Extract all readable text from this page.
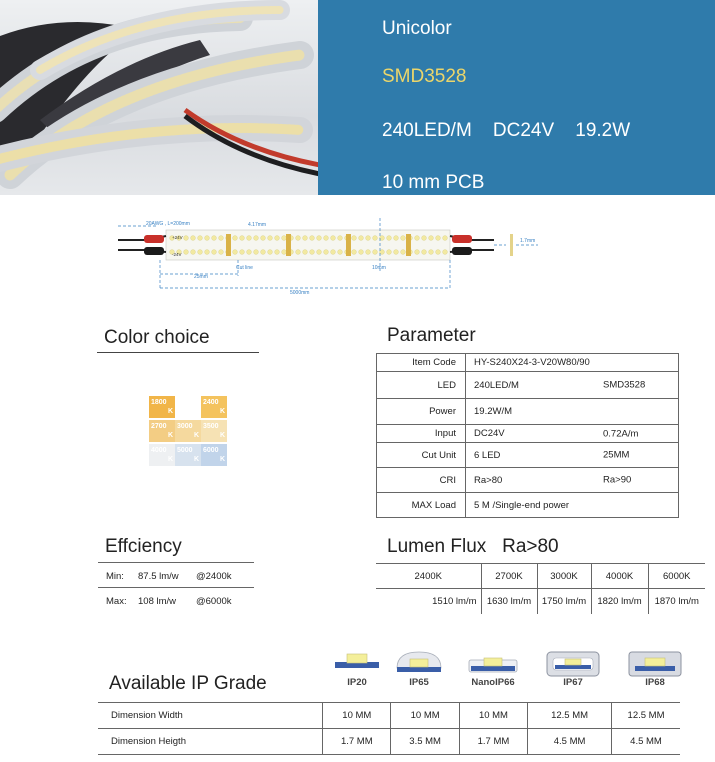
Unicolor
SMD3528
240LED/M    DC24V    19.2W
10 mm PCB
20AWG , L=200mm	4.17mm
+24V
-24V
Cut line	10mm
25mm
5000mm
1.7mm
Color choice
1800
K
2400
K
2700
K
3000
K
3500
K
4000
K
5000
K
6000
K
Parameter
Item Code	HY-S240X24-3-V20W80/90

LED	240LED/M SMD3528

Power	19.2W/M

Input	DC24V 0.72A/m

Cut Unit	6 LED 25MM

CRI	Ra>80 Ra>90

MAX Load	5 M /Single-end power
Effciency
Min: 87.5 lm/w @2400k
Max: 108 lm/w @6000k
Lumen Flux   Ra>80
2400K	2700K	3000K	4000K	6000K
1510 lm/m	1630 lm/m	1750 lm/m	1820 lm/m	1870 lm/m
Available IP Grade	IP20	IP65	NanoIP66	IP67	IP68
Dimension Width	10 MM	10 MM	10 MM	12.5 MM	12.5 MM
Dimension Heigth	1.7 MM	3.5 MM	1.7 MM	4.5 MM	4.5 MM
